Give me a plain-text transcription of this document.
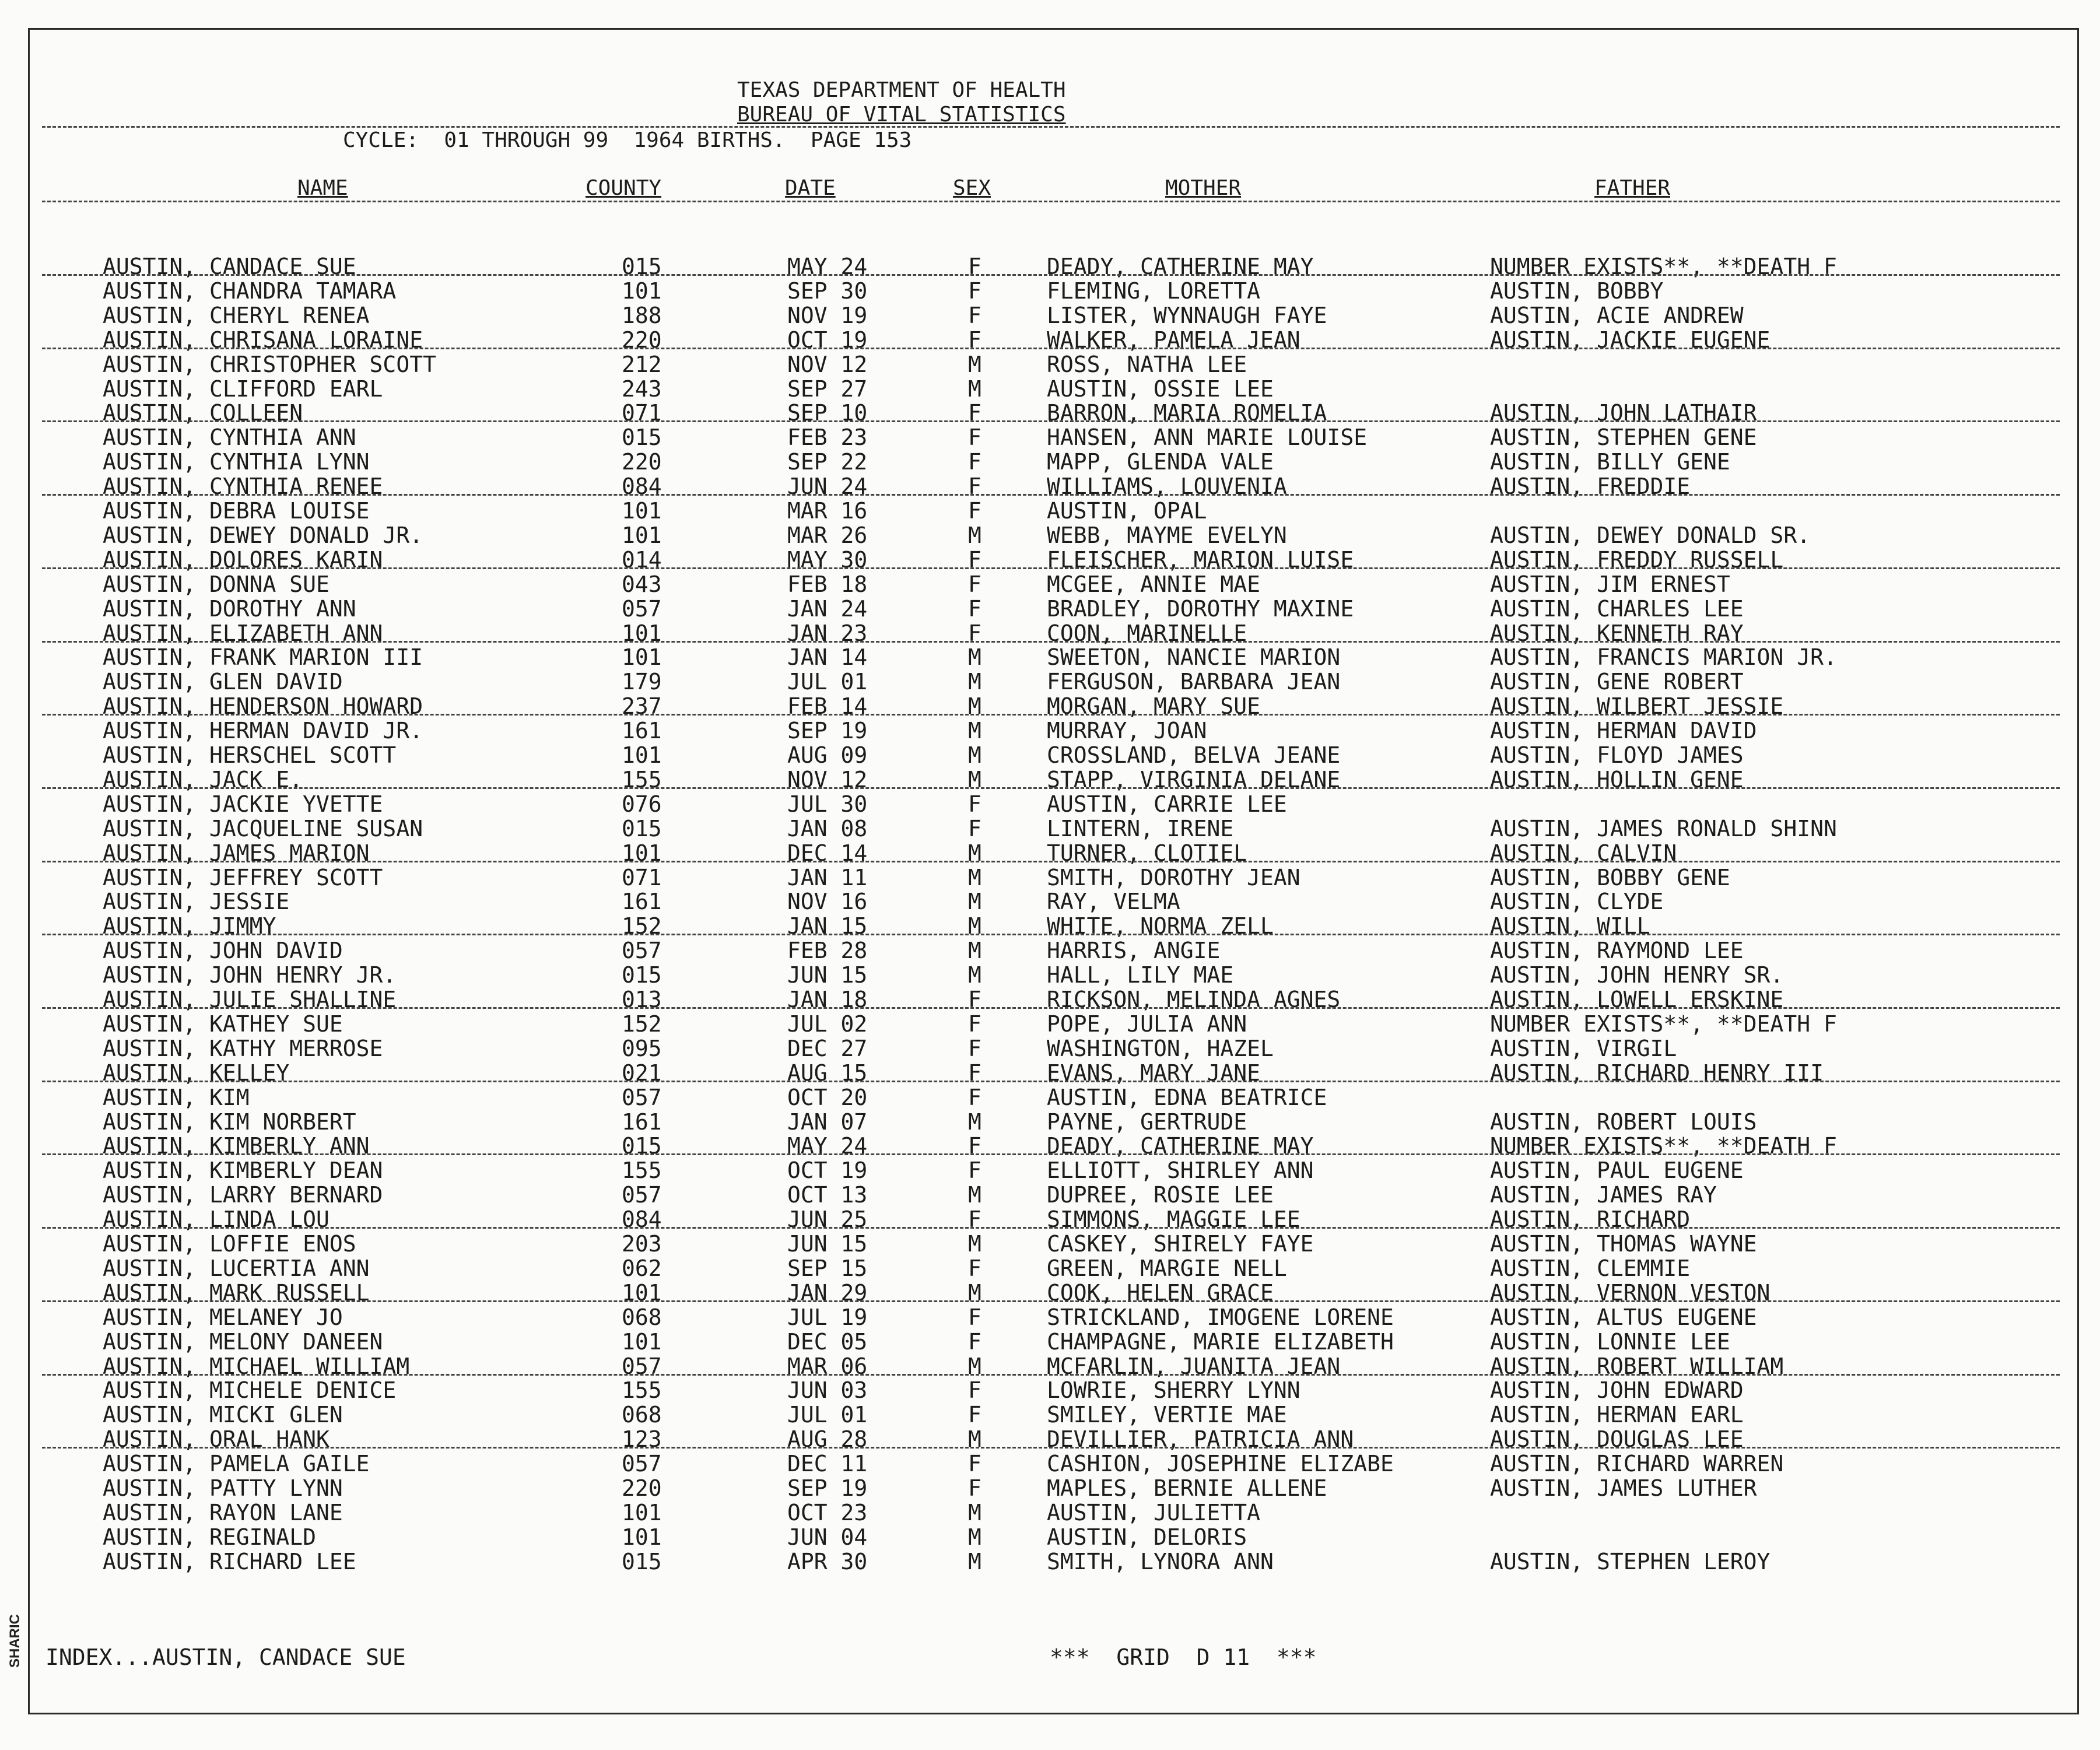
SHARIC
TEXAS DEPARTMENT OF HEALTH
BUREAU OF VITAL STATISTICS
CYCLE:  01 THROUGH 99  1964 BIRTHS.  PAGE 153
NAME	COUNTY	DATE	SEX	MOTHER	FATHER
AUSTIN, CANDACE SUE	015	MAY 24	F	DEADY, CATHERINE MAY	NUMBER EXISTS**, **DEATH F
AUSTIN, CHANDRA TAMARA	101	SEP 30	F	FLEMING, LORETTA	AUSTIN, BOBBY
AUSTIN, CHERYL RENEA	188	NOV 19	F	LISTER, WYNNAUGH FAYE	AUSTIN, ACIE ANDREW
AUSTIN, CHRISANA LORAINE	220	OCT 19	F	WALKER, PAMELA JEAN	AUSTIN, JACKIE EUGENE
AUSTIN, CHRISTOPHER SCOTT	212	NOV 12	M	ROSS, NATHA LEE
AUSTIN, CLIFFORD EARL	243	SEP 27	M	AUSTIN, OSSIE LEE
AUSTIN, COLLEEN	071	SEP 10	F	BARRON, MARIA ROMELIA	AUSTIN, JOHN LATHAIR
AUSTIN, CYNTHIA ANN	015	FEB 23	F	HANSEN, ANN MARIE LOUISE	AUSTIN, STEPHEN GENE
AUSTIN, CYNTHIA LYNN	220	SEP 22	F	MAPP, GLENDA VALE	AUSTIN, BILLY GENE
AUSTIN, CYNTHIA RENEE	084	JUN 24	F	WILLIAMS, LOUVENIA	AUSTIN, FREDDIE
AUSTIN, DEBRA LOUISE	101	MAR 16	F	AUSTIN, OPAL
AUSTIN, DEWEY DONALD JR.	101	MAR 26	M	WEBB, MAYME EVELYN	AUSTIN, DEWEY DONALD SR.
AUSTIN, DOLORES KARIN	014	MAY 30	F	FLEISCHER, MARION LUISE	AUSTIN, FREDDY RUSSELL
AUSTIN, DONNA SUE	043	FEB 18	F	MCGEE, ANNIE MAE	AUSTIN, JIM ERNEST
AUSTIN, DOROTHY ANN	057	JAN 24	F	BRADLEY, DOROTHY MAXINE	AUSTIN, CHARLES LEE
AUSTIN, ELIZABETH ANN	101	JAN 23	F	COON, MARINELLE	AUSTIN, KENNETH RAY
AUSTIN, FRANK MARION III	101	JAN 14	M	SWEETON, NANCIE MARION	AUSTIN, FRANCIS MARION JR.
AUSTIN, GLEN DAVID	179	JUL 01	M	FERGUSON, BARBARA JEAN	AUSTIN, GENE ROBERT
AUSTIN, HENDERSON HOWARD	237	FEB 14	M	MORGAN, MARY SUE	AUSTIN, WILBERT JESSIE
AUSTIN, HERMAN DAVID JR.	161	SEP 19	M	MURRAY, JOAN	AUSTIN, HERMAN DAVID
AUSTIN, HERSCHEL SCOTT	101	AUG 09	M	CROSSLAND, BELVA JEANE	AUSTIN, FLOYD JAMES
AUSTIN, JACK E.	155	NOV 12	M	STAPP, VIRGINIA DELANE	AUSTIN, HOLLIN GENE
AUSTIN, JACKIE YVETTE	076	JUL 30	F	AUSTIN, CARRIE LEE
AUSTIN, JACQUELINE SUSAN	015	JAN 08	F	LINTERN, IRENE	AUSTIN, JAMES RONALD SHINN
AUSTIN, JAMES MARION	101	DEC 14	M	TURNER, CLOTIEL	AUSTIN, CALVIN
AUSTIN, JEFFREY SCOTT	071	JAN 11	M	SMITH, DOROTHY JEAN	AUSTIN, BOBBY GENE
AUSTIN, JESSIE	161	NOV 16	M	RAY, VELMA	AUSTIN, CLYDE
AUSTIN, JIMMY	152	JAN 15	M	WHITE, NORMA ZELL	AUSTIN, WILL
AUSTIN, JOHN DAVID	057	FEB 28	M	HARRIS, ANGIE	AUSTIN, RAYMOND LEE
AUSTIN, JOHN HENRY JR.	015	JUN 15	M	HALL, LILY MAE	AUSTIN, JOHN HENRY SR.
AUSTIN, JULIE SHALLINE	013	JAN 18	F	RICKSON, MELINDA AGNES	AUSTIN, LOWELL ERSKINE
AUSTIN, KATHEY SUE	152	JUL 02	F	POPE, JULIA ANN	NUMBER EXISTS**, **DEATH F
AUSTIN, KATHY MERROSE	095	DEC 27	F	WASHINGTON, HAZEL	AUSTIN, VIRGIL
AUSTIN, KELLEY	021	AUG 15	F	EVANS, MARY JANE	AUSTIN, RICHARD HENRY III
AUSTIN, KIM	057	OCT 20	F	AUSTIN, EDNA BEATRICE
AUSTIN, KIM NORBERT	161	JAN 07	M	PAYNE, GERTRUDE	AUSTIN, ROBERT LOUIS
AUSTIN, KIMBERLY ANN	015	MAY 24	F	DEADY, CATHERINE MAY	NUMBER EXISTS**, **DEATH F
AUSTIN, KIMBERLY DEAN	155	OCT 19	F	ELLIOTT, SHIRLEY ANN	AUSTIN, PAUL EUGENE
AUSTIN, LARRY BERNARD	057	OCT 13	M	DUPREE, ROSIE LEE	AUSTIN, JAMES RAY
AUSTIN, LINDA LOU	084	JUN 25	F	SIMMONS, MAGGIE LEE	AUSTIN, RICHARD
AUSTIN, LOFFIE ENOS	203	JUN 15	M	CASKEY, SHIRELY FAYE	AUSTIN, THOMAS WAYNE
AUSTIN, LUCERTIA ANN	062	SEP 15	F	GREEN, MARGIE NELL	AUSTIN, CLEMMIE
AUSTIN, MARK RUSSELL	101	JAN 29	M	COOK, HELEN GRACE	AUSTIN, VERNON VESTON
AUSTIN, MELANEY JO	068	JUL 19	F	STRICKLAND, IMOGENE LORENE	AUSTIN, ALTUS EUGENE
AUSTIN, MELONY DANEEN	101	DEC 05	F	CHAMPAGNE, MARIE ELIZABETH	AUSTIN, LONNIE LEE
AUSTIN, MICHAEL WILLIAM	057	MAR 06	M	MCFARLIN, JUANITA JEAN	AUSTIN, ROBERT WILLIAM
AUSTIN, MICHELE DENICE	155	JUN 03	F	LOWRIE, SHERRY LYNN	AUSTIN, JOHN EDWARD
AUSTIN, MICKI GLEN	068	JUL 01	F	SMILEY, VERTIE MAE	AUSTIN, HERMAN EARL
AUSTIN, ORAL HANK	123	AUG 28	M	DEVILLIER, PATRICIA ANN	AUSTIN, DOUGLAS LEE
AUSTIN, PAMELA GAILE	057	DEC 11	F	CASHION, JOSEPHINE ELIZABE	AUSTIN, RICHARD WARREN
AUSTIN, PATTY LYNN	220	SEP 19	F	MAPLES, BERNIE ALLENE	AUSTIN, JAMES LUTHER
AUSTIN, RAYON LANE	101	OCT 23	M	AUSTIN, JULIETTA
AUSTIN, REGINALD	101	JUN 04	M	AUSTIN, DELORIS
AUSTIN, RICHARD LEE	015	APR 30	M	SMITH, LYNORA ANN	AUSTIN, STEPHEN LEROY
INDEX...AUSTIN, CANDACE SUE	***  GRID  D 11  ***
